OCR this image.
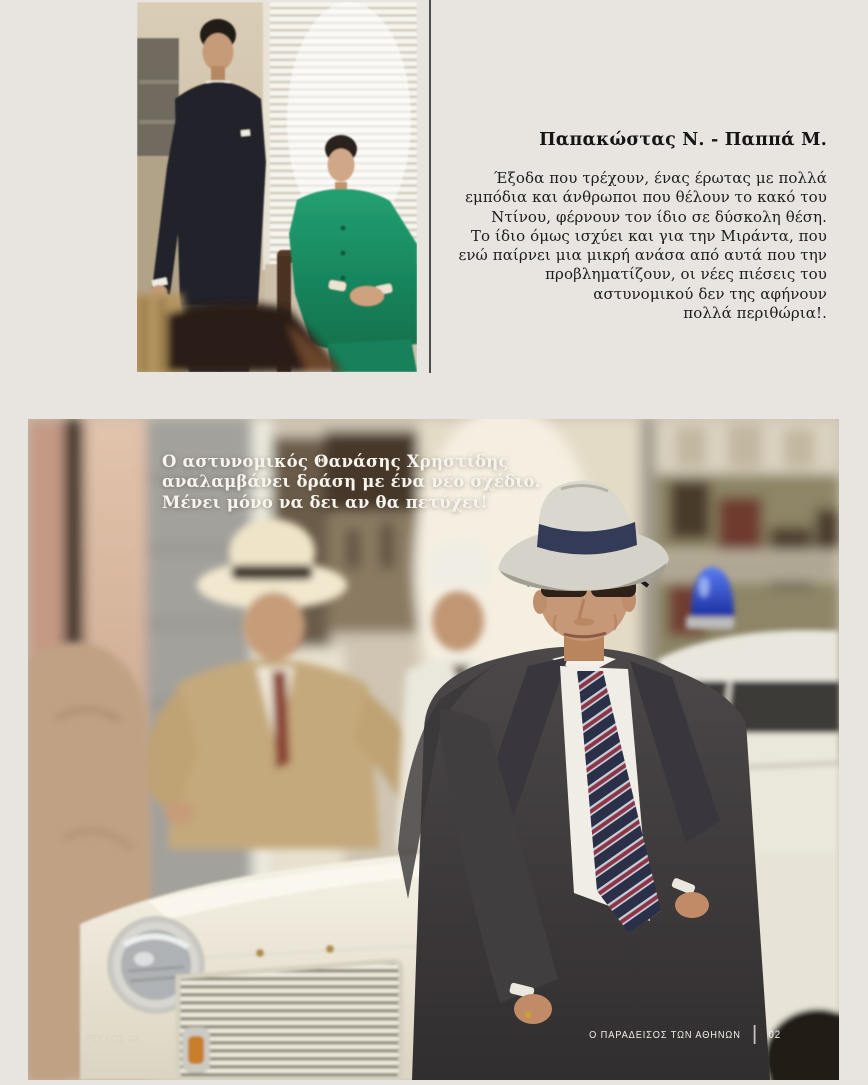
Παπακώστας Ν. - Παππά Μ.
Έξοδα που τρέχουν, ένας έρωτας με πολλά
εμπόδια και άνθρωποι που θέλουν το κακό του
Ντίνου, φέρνουν τον ίδιο σε δύσκολη θέση.
Το ίδιο όμως ισχύει και για την Μιράντα, που
ενώ παίρνει μια μικρή ανάσα από αυτά που την
προβληματίζουν, οι νέες πιέσεις του
αστυνομικού δεν της αφήνουν
πολλά περιθώρια!.
Ο αστυνομικός Θανάσης Χρηστίδης
αναλαμβάνει δράση με ένα νέο σχέδιο.
Μένει μόνο να δει αν θα πετύχει!
ΤΕΥΧΟΣ 02	Ο ΠΑΡΑΔΕΙΣΟΣ ΤΩΝ ΑΘΗΝΩΝ	02
